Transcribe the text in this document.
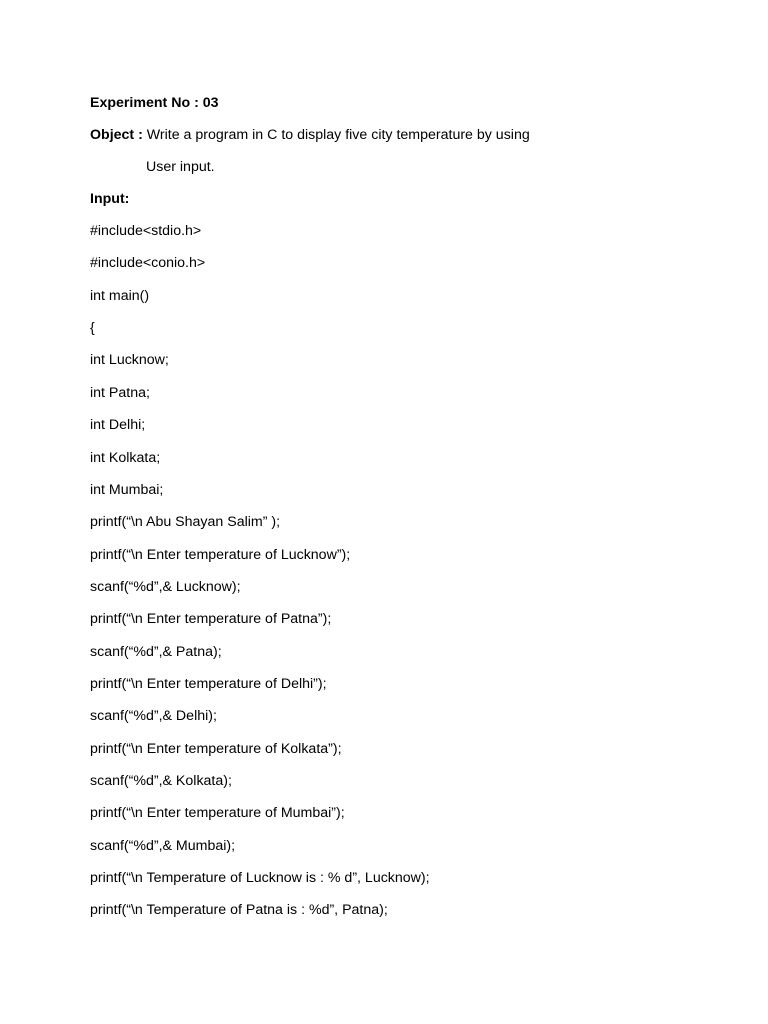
Experiment No : 03
Object : Write a program in C to display five city temperature by using
User input.
Input:
#include<stdio.h>
#include<conio.h>
int main()
{
int Lucknow;
int Patna;
int Delhi;
int Kolkata;
int Mumbai;
printf(“\n Abu Shayan Salim” );
printf(“\n Enter temperature of Lucknow”);
scanf(“%d”,& Lucknow);
printf(“\n Enter temperature of Patna”);
scanf(“%d”,& Patna);
printf(“\n Enter temperature of Delhi”);
scanf(“%d”,& Delhi);
printf(“\n Enter temperature of Kolkata”);
scanf(“%d”,& Kolkata);
printf(“\n Enter temperature of Mumbai”);
scanf(“%d”,& Mumbai);
printf(“\n Temperature of Lucknow is : % d”, Lucknow);
printf(“\n Temperature of Patna is : %d”, Patna);
